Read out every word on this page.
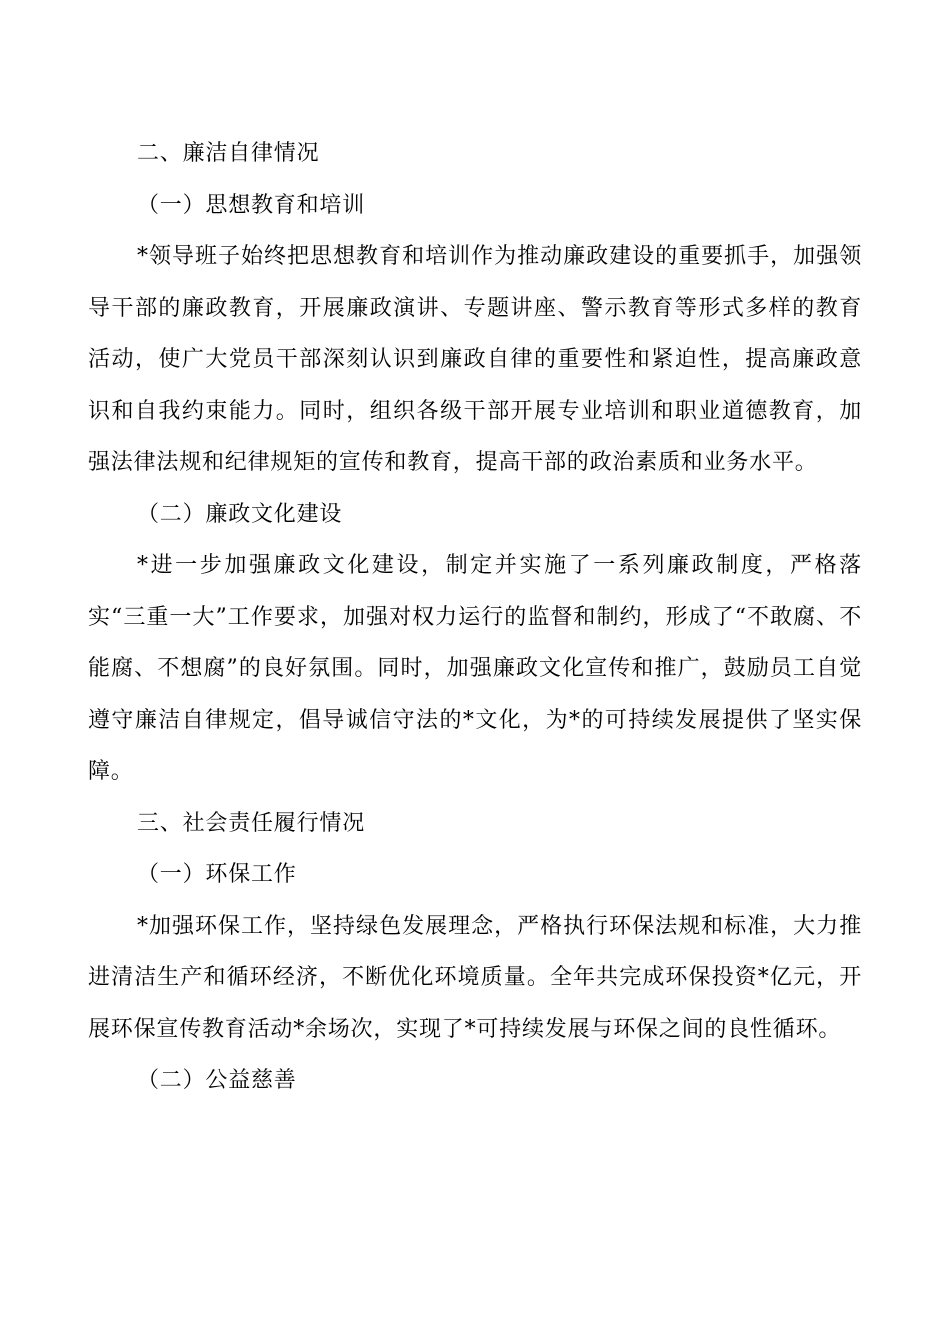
二、廉洁自律情况

（一）思想教育和培训

*领导班子始终把思想教育和培训作为推动廉政建设的重要抓手，加强领导干部的廉政教育，开展廉政演讲、专题讲座、警示教育等形式多样的教育活动，使广大党员干部深刻认识到廉政自律的重要性和紧迫性，提高廉政意识和自我约束能力。同时，组织各级干部开展专业培训和职业道德教育，加强法律法规和纪律规矩的宣传和教育，提高干部的政治素质和业务水平。

（二）廉政文化建设

*进一步加强廉政文化建设，制定并实施了一系列廉政制度，严格落实“三重一大”工作要求，加强对权力运行的监督和制约，形成了“不敢腐、不能腐、不想腐”的良好氛围。同时，加强廉政文化宣传和推广，鼓励员工自觉遵守廉洁自律规定，倡导诚信守法的*文化，为*的可持续发展提供了坚实保障。

三、社会责任履行情况

（一）环保工作

*加强环保工作，坚持绿色发展理念，严格执行环保法规和标准，大力推进清洁生产和循环经济，不断优化环境质量。全年共完成环保投资*亿元，开展环保宣传教育活动*余场次，实现了*可持续发展与环保之间的良性循环。

（二）公益慈善
